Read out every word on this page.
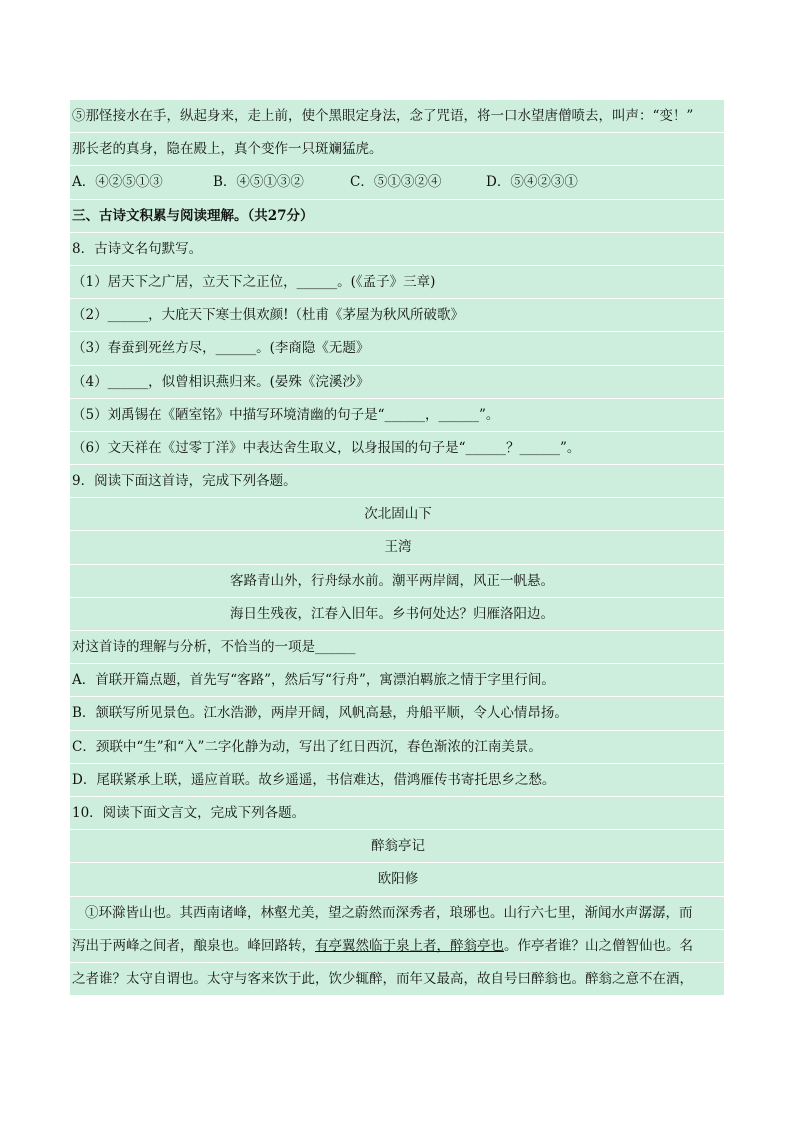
⑤那怪接水在手，纵起身来，走上前，使个黑眼定身法，念了咒语，将一口水望唐僧喷去，叫声：“变！”
那长老的真身，隐在殿上，真个变作一只斑斓猛虎。
A．④②⑤①③	B．④⑤①③②	C．⑤①③②④	D．⑤④②③①
三、古诗文积累与阅读理解。（共27分）
8．古诗文名句默写。
（1）居天下之广居，立天下之正位，______。(《孟子》三章)
（2）______，大庇天下寒士俱欢颜!（杜甫《茅屋为秋风所破歌》
（3）春蚕到死丝方尽，______。(李商隐《无题》
（4）______，似曾相识燕归来。(晏殊《浣溪沙》
（5）刘禹锡在《陋室铭》中描写环境清幽的句子是“______，______”。
（6）文天祥在《过零丁洋》中表达舍生取义，以身报国的句子是“______？______”。
9．阅读下面这首诗，完成下列各题。
次北固山下
王湾
客路青山外，行舟绿水前。潮平两岸阔，风正一帆悬。
海日生残夜，江春入旧年。乡书何处达？归雁洛阳边。
对这首诗的理解与分析，不恰当的一项是______
A．首联开篇点题，首先写“客路”，然后写“行舟”，寓漂泊羁旅之情于字里行间。
B．颔联写所见景色。江水浩渺，两岸开阔，风帆高悬，舟船平顺，令人心情昂扬。
C．颈联中“生”和“入”二字化静为动，写出了红日西沉，春色渐浓的江南美景。
D．尾联紧承上联，遥应首联。故乡遥遥，书信难达，借鸿雁传书寄托思乡之愁。
10．阅读下面文言文，完成下列各题。
醉翁亭记
欧阳修
①环滁皆山也。其西南诸峰，林壑尤美，望之蔚然而深秀者，琅琊也。山行六七里，渐闻水声潺潺，而
泻出于两峰之间者，酿泉也。峰回路转，有亭翼然临于泉上者，醉翁亭也。作亭者谁？山之僧智仙也。名
之者谁？太守自谓也。太守与客来饮于此，饮少辄醉，而年又最高，故自号曰醉翁也。醉翁之意不在酒，
